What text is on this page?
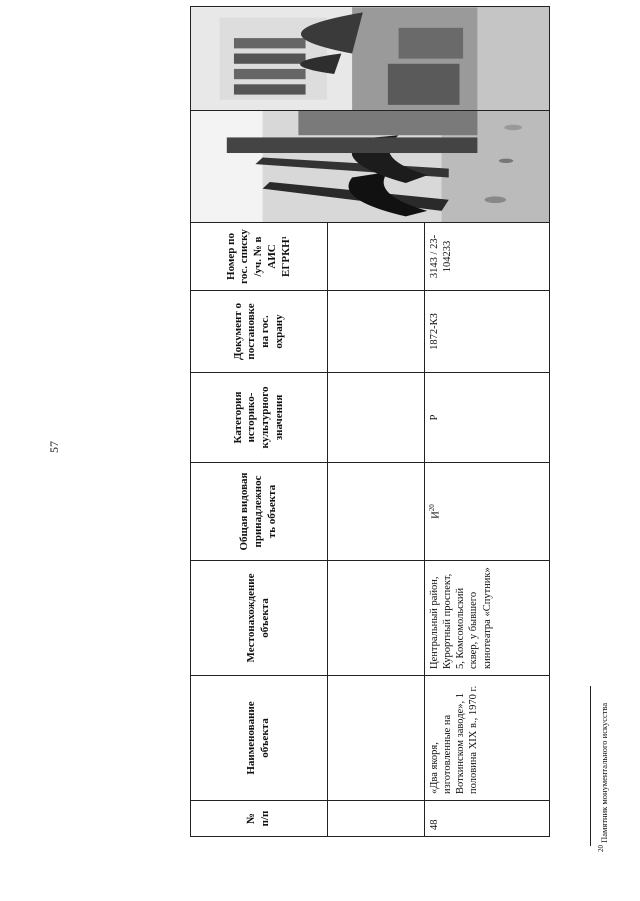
57
№ п/п	Наименование объекта	Местонахождение объекта	Общая видовая принадлежнос ть объекта	Категория историко-культурного значения	Документ о постановке на гос. охрану	Номер по гос. списку /уч. № в АИС ЕГРКН¹	

48	«Два якоря, изготовленные на Воткинском заводе», 1 половина XIX в., 1970 г.	Центральный район, Курортный проспект, 5, Комсомольский сквер, у бывшего кинотеатра «Спутник»	$И^{20}$	Р	1872-КЗ	3143 / 23-104233	
$^{20}$ Памятник монументального искусства
